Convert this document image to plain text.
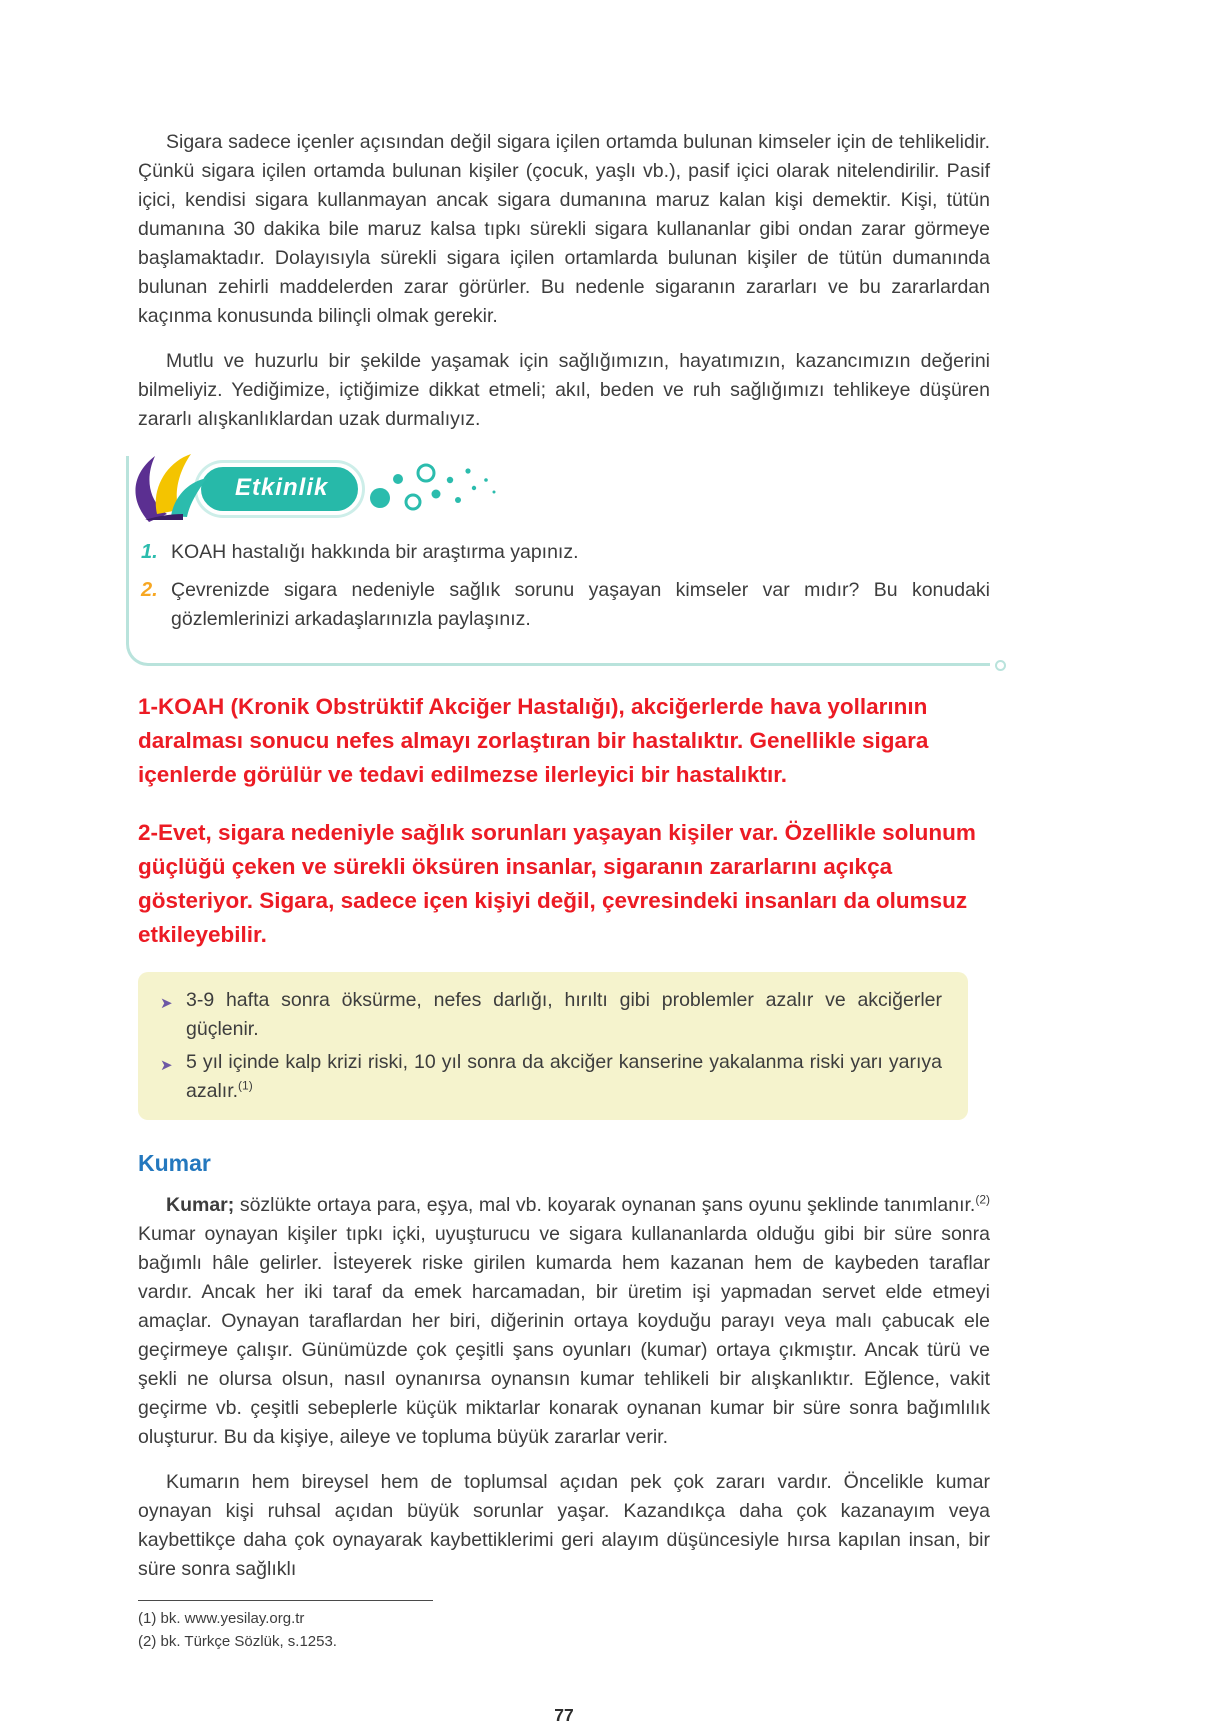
Sigara sadece içenler açısından değil sigara içilen ortamda bulunan kimseler için de tehlikelidir. Çünkü sigara içilen ortamda bulunan kişiler (çocuk, yaşlı vb.), pasif içici olarak nitelendirilir. Pasif içici, kendisi sigara kullanmayan ancak sigara dumanına maruz kalan kişi demektir. Kişi, tütün dumanına 30 dakika bile maruz kalsa tıpkı sürekli sigara kullananlar gibi ondan zarar görmeye başlamaktadır. Dolayısıyla sürekli sigara içilen ortamlarda bulunan kişiler de tütün dumanında bulunan zehirli maddelerden zarar görürler. Bu nedenle sigaranın zararları ve bu zararlardan kaçınma konusunda bilinçli olmak gerekir.

Mutlu ve huzurlu bir şekilde yaşamak için sağlığımızın, hayatımızın, kazancımızın değerini bilmeliyiz. Yediğimize, içtiğimize dikkat etmeli; akıl, beden ve ruh sağlığımızı tehlikeye düşüren zararlı alışkanlıklardan uzak durmalıyız.

Etkinlik
1. KOAH hastalığı hakkında bir araştırma yapınız.
2. Çevrenizde sigara nedeniyle sağlık sorunu yaşayan kimseler var mıdır? Bu konudaki gözlemlerinizi arkadaşlarınızla paylaşınız.
1-KOAH (Kronik Obstrüktif Akciğer Hastalığı), akciğerlerde hava yollarının daralması sonucu nefes almayı zorlaştıran bir hastalıktır. Genellikle sigara içenlerde görülür ve tedavi edilmezse ilerleyici bir hastalıktır.
2-Evet, sigara nedeniyle sağlık sorunları yaşayan kişiler var. Özellikle solunum güçlüğü çeken ve sürekli öksüren insanlar, sigaranın zararlarını açıkça gösteriyor. Sigara, sadece içen kişiyi değil, çevresindeki insanları da olumsuz etkileyebilir.
➤ 3-9 hafta sonra öksürme, nefes darlığı, hırıltı gibi problemler azalır ve akciğerler güçlenir.
➤ 5 yıl içinde kalp krizi riski, 10 yıl sonra da akciğer kanserine yakalanma riski yarı yarıya azalır.$^{(1)}$
Kumar

Kumar; sözlükte ortaya para, eşya, mal vb. koyarak oynanan şans oyunu şeklinde tanımlanır.$^{(2)}$ Kumar oynayan kişiler tıpkı içki, uyuşturucu ve sigara kullananlarda olduğu gibi bir süre sonra bağımlı hâle gelirler. İsteyerek riske girilen kumarda hem kazanan hem de kaybeden taraflar vardır. Ancak her iki taraf da emek harcamadan, bir üretim işi yapmadan servet elde etmeyi amaçlar. Oynayan taraflardan her biri, diğerinin ortaya koyduğu parayı veya malı çabucak ele geçirmeye çalışır. Günümüzde çok çeşitli şans oyunları (kumar) ortaya çıkmıştır. Ancak türü ve şekli ne olursa olsun, nasıl oynanırsa oynansın kumar tehlikeli bir alışkanlıktır. Eğlence, vakit geçirme vb. çeşitli sebeplerle küçük miktarlar konarak oynanan kumar bir süre sonra bağımlılık oluşturur. Bu da kişiye, aileye ve topluma büyük zararlar verir.

Kumarın hem bireysel hem de toplumsal açıdan pek çok zararı vardır. Öncelikle kumar oynayan kişi ruhsal açıdan büyük sorunlar yaşar. Kazandıkça daha çok kazanayım veya kaybettikçe daha çok oynayarak kaybettiklerimi geri alayım düşüncesiyle hırsa kapılan insan, bir süre sonra sağlıklı

(1) bk. www.yesilay.org.tr
(2) bk. Türkçe Sözlük, s.1253.
77
